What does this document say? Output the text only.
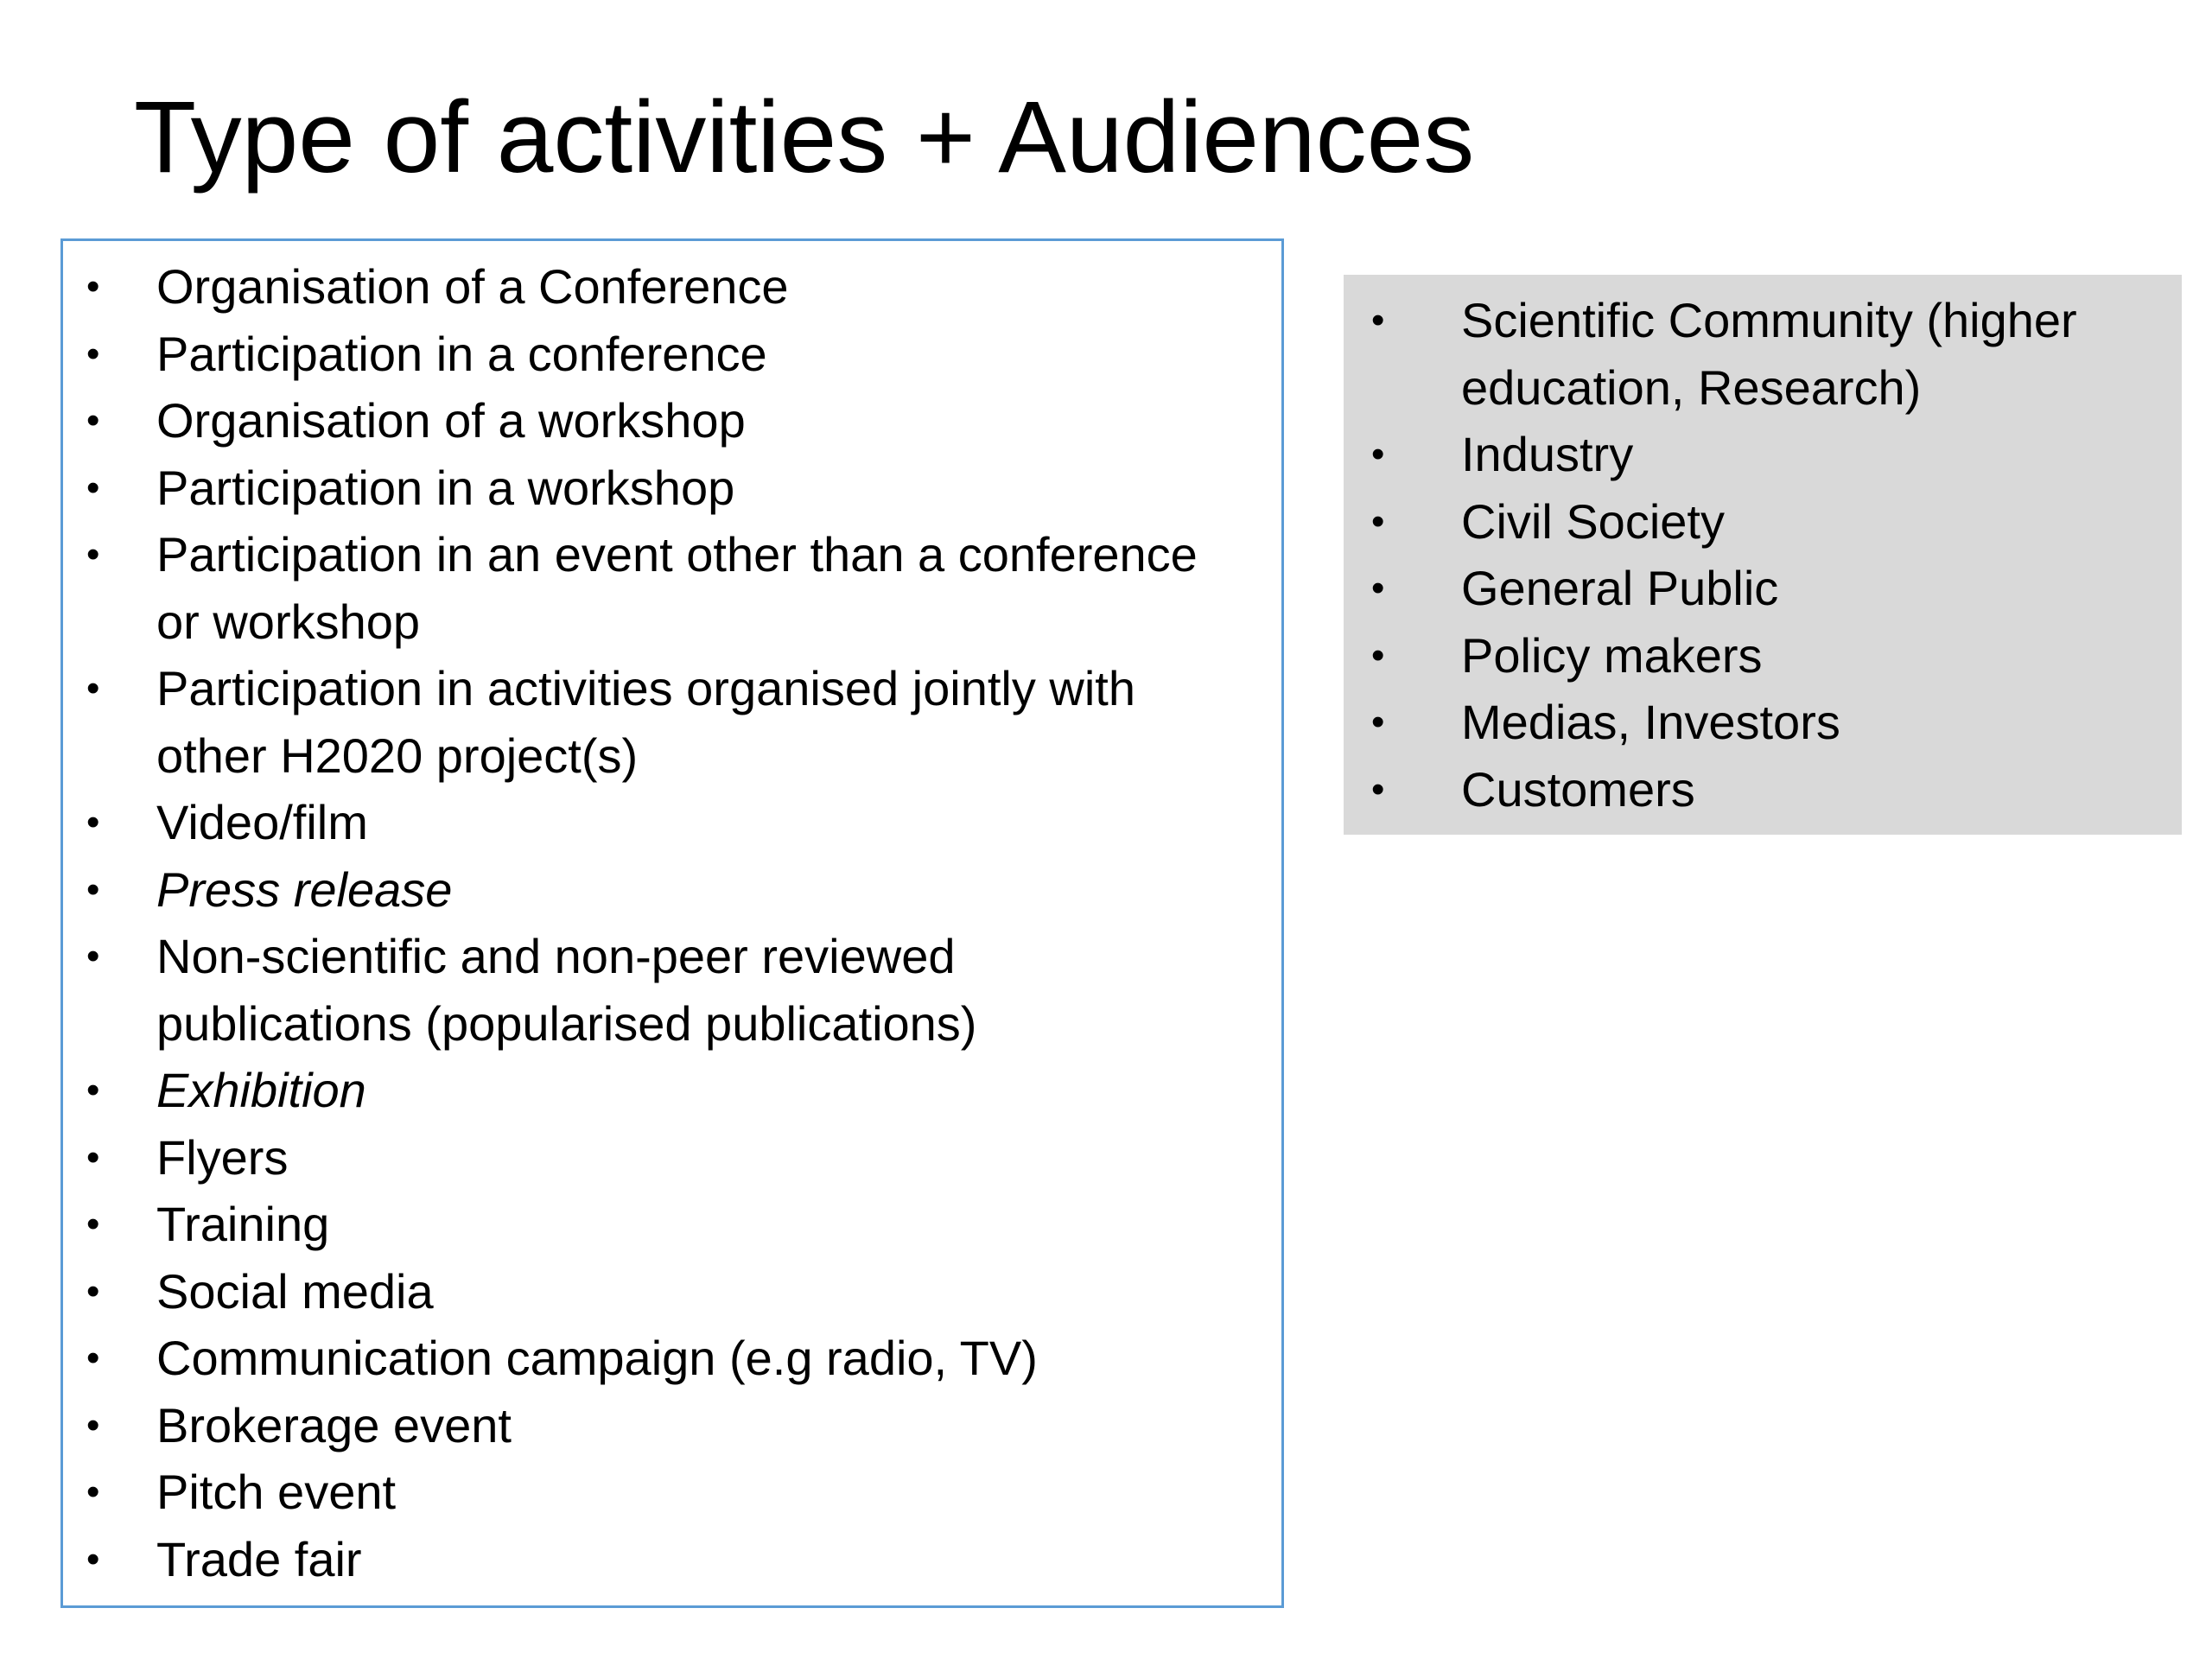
Type of activities + Audiences
• Organisation of a Conference
• Participation in a conference
• Organisation of a workshop
• Participation in a workshop
• Participation in an event other than a conference
or workshop
• Participation in activities organised jointly with
other H2020 project(s)
• Video/film
• Press release
• Non-scientific and non-peer reviewed
publications (popularised publications)
• Exhibition
• Flyers
• Training
• Social media
• Communication campaign (e.g radio, TV)
• Brokerage event
• Pitch event
• Trade fair
• Scientific Community (higher
education, Research)
• Industry
• Civil Society
• General Public
• Policy makers
• Medias, Investors
• Customers
